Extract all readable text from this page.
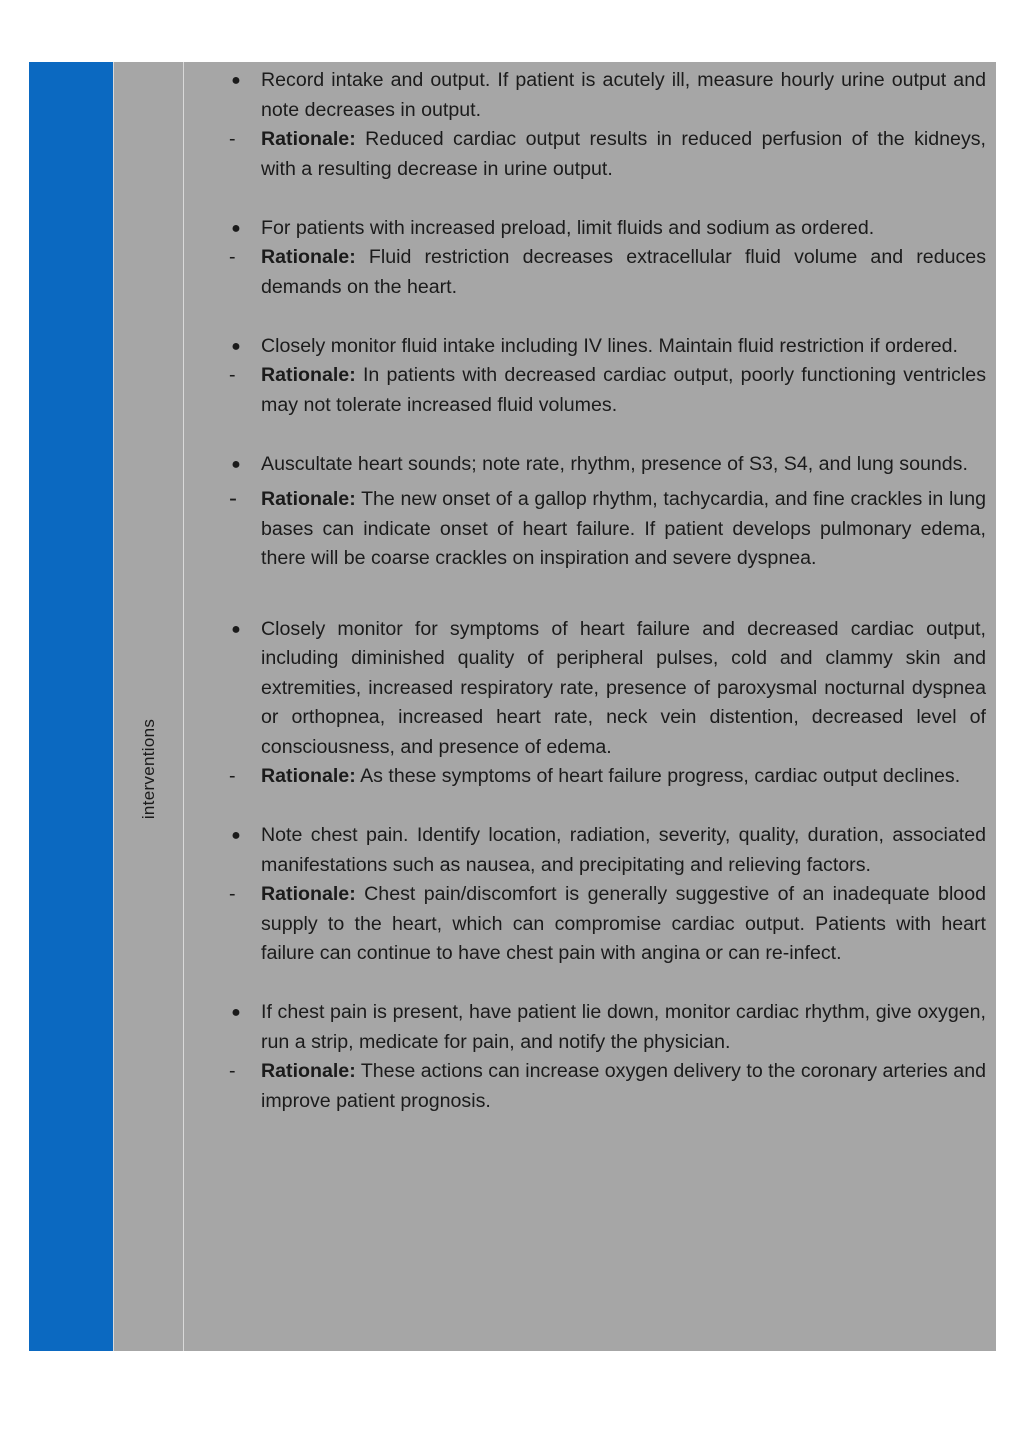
interventions
● Record intake and output. If patient is acutely ill, measure hourly urine output and note decreases in output.
-	Rationale: Reduced cardiac output results in reduced perfusion of the kidneys, with a resulting decrease in urine output.
● For patients with increased preload, limit fluids and sodium as ordered.
-	Rationale: Fluid restriction decreases extracellular fluid volume and reduces demands on the heart.
● Closely monitor fluid intake including IV lines. Maintain fluid restriction if ordered.
-	Rationale: In patients with decreased cardiac output, poorly functioning ventricles may not tolerate increased fluid volumes.
● Auscultate heart sounds; note rate, rhythm, presence of S3, S4, and lung sounds.
-	Rationale: The new onset of a gallop rhythm, tachycardia, and fine crackles in lung bases can indicate onset of heart failure. If patient develops pulmonary edema, there will be coarse crackles on inspiration and severe dyspnea.
● Closely monitor for symptoms of heart failure and decreased cardiac output, including diminished quality of peripheral pulses, cold and clammy skin and extremities, increased respiratory rate, presence of paroxysmal nocturnal dyspnea or orthopnea, increased heart rate, neck vein distention, decreased level of consciousness, and presence of edema.
-	Rationale: As these symptoms of heart failure progress, cardiac output declines.
● Note chest pain. Identify location, radiation, severity, quality, duration, associated manifestations such as nausea, and precipitating and relieving factors.
-	Rationale: Chest pain/discomfort is generally suggestive of an inadequate blood supply to the heart, which can compromise cardiac output. Patients with heart failure can continue to have chest pain with angina or can re-infect.
● If chest pain is present, have patient lie down, monitor cardiac rhythm, give oxygen, run a strip, medicate for pain, and notify the physician.
-	Rationale: These actions can increase oxygen delivery to the coronary arteries and improve patient prognosis.
